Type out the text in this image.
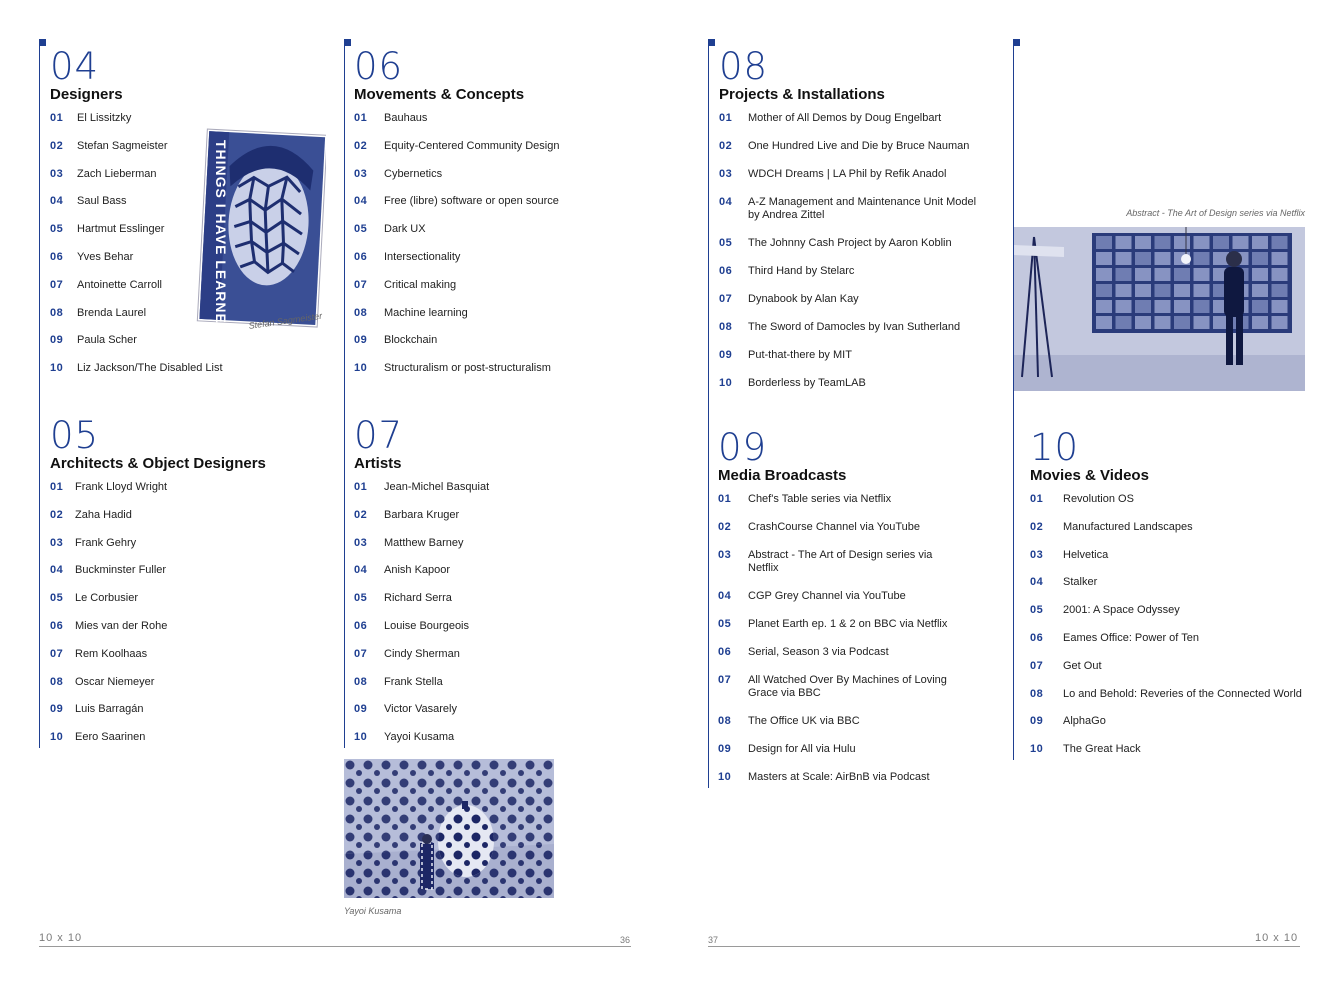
04
Designers
01 El Lissitzky
02 Stefan Sagmeister
03 Zach Lieberman
04 Saul Bass
05 Hartmut Esslinger
06 Yves Behar
07 Antoinette Carroll
08 Brenda Laurel
09 Paula Scher
10 Liz Jackson/The Disabled List
05
Architects & Object Designers
01 Frank Lloyd Wright
02 Zaha Hadid
03 Frank Gehry
04 Buckminster Fuller
05 Le Corbusier
06 Mies van der Rohe
07 Rem Koolhaas
08 Oscar Niemeyer
09 Luis Barragán
10 Eero Saarinen
06
Movements & Concepts
01 Bauhaus
02 Equity-Centered Community Design
03 Cybernetics
04 Free (libre) software or open source
05 Dark UX
06 Intersectionality
07 Critical making
08 Machine learning
09 Blockchain
10 Structuralism or post-structuralism
07
Artists
01 Jean-Michel Basquiat
02 Barbara Kruger
03 Matthew Barney
04 Anish Kapoor
05 Richard Serra
06 Louise Bourgeois
07 Cindy Sherman
08 Frank Stella
09 Victor Vasarely
10 Yayoi Kusama
08
Projects & Installations
01 Mother of All Demos by Doug Engelbart
02 One Hundred Live and Die by Bruce Nauman
03 WDCH Dreams | LA Phil by Refik Anadol
04 A-Z Management and Maintenance Unit Model by Andrea Zittel
05 The Johnny Cash Project by Aaron Koblin
06 Third Hand by Stelarc
07 Dynabook by Alan Kay
08 The Sword of Damocles by Ivan Sutherland
09 Put-that-there by MIT
10 Borderless by TeamLAB
09
Media Broadcasts
01 Chef's Table series via Netflix
02 CrashCourse Channel via YouTube
03 Abstract - The Art of Design series via Netflix
04 CGP Grey Channel via YouTube
05 Planet Earth ep. 1 & 2 on BBC via Netflix
06 Serial, Season 3 via Podcast
07 All Watched Over By Machines of Loving Grace via BBC
08 The Office UK via BBC
09 Design for All via Hulu
10 Masters at Scale: AirBnB via Podcast
10
Movies & Videos
01 Revolution OS
02 Manufactured Landscapes
03 Helvetica
04 Stalker
05 2001: A Space Odyssey
06 Eames Office: Power of Ten
07 Get Out
08 Lo and Behold: Reveries of the Connected World
09 AlphaGo
10 The Great Hack
THINGS I HAVE LEARNED Stefan Sagmeister
Yayoi Kusama
Abstract - The Art of Design series via Netflix
10 x 10	36	37	10 x 10
